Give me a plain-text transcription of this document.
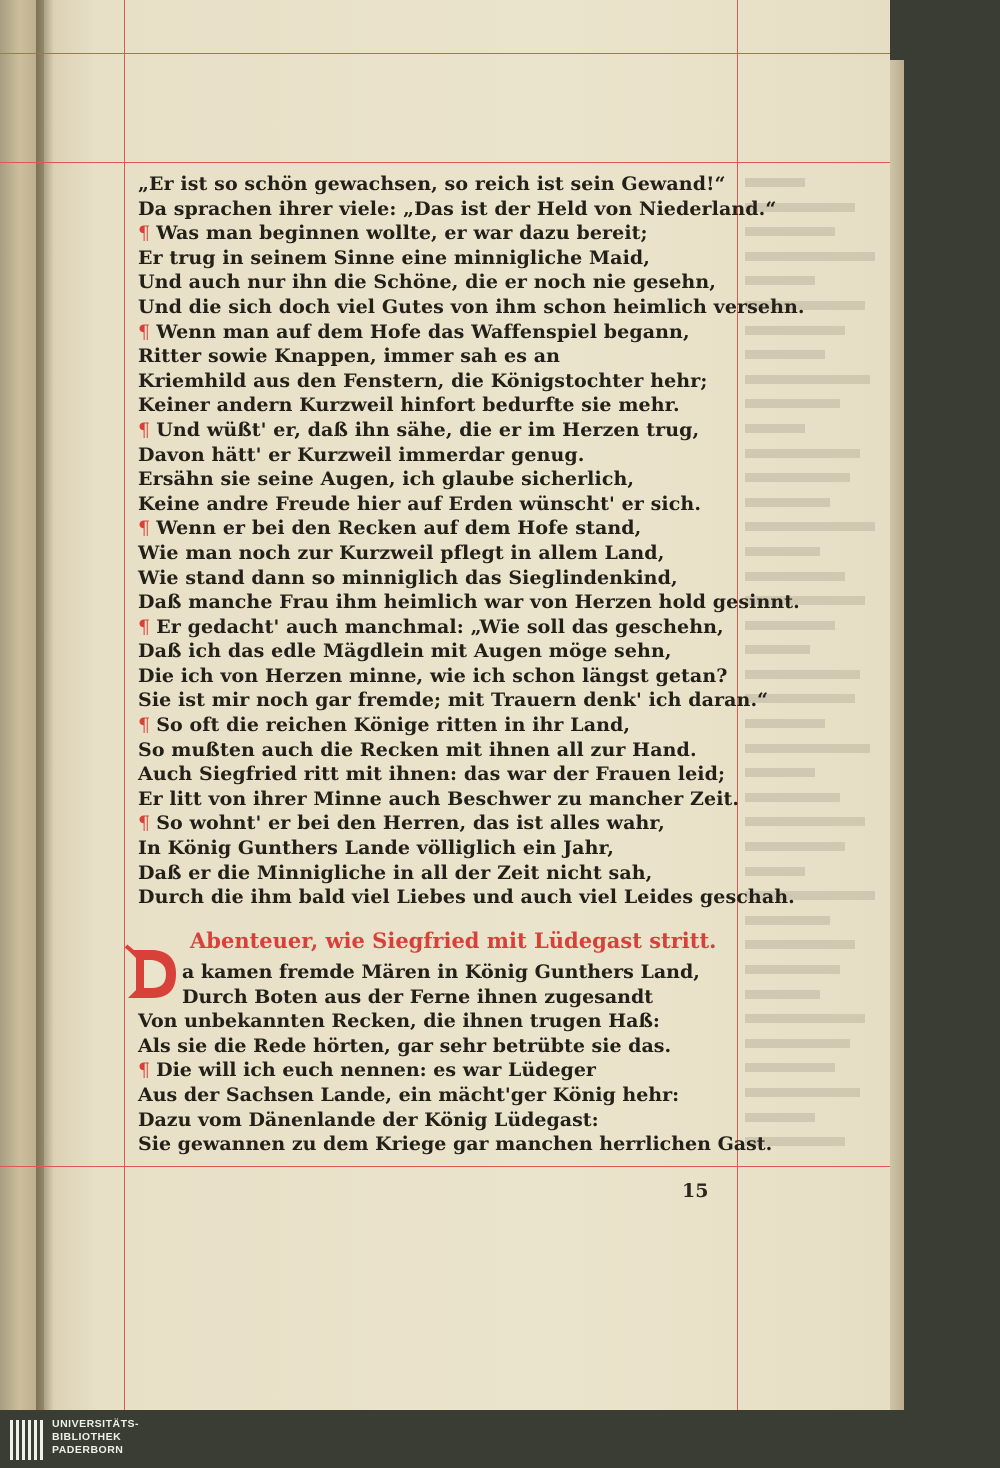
„Er ist so schön gewachsen, so reich ist sein Gewand!“
Da sprachen ihrer viele: „Das ist der Held von Niederland.“
¶ Was man beginnen wollte, er war dazu bereit;
Er trug in seinem Sinne eine minnigliche Maid,
Und auch nur ihn die Schöne, die er noch nie gesehn,
Und die sich doch viel Gutes von ihm schon heimlich versehn.
¶ Wenn man auf dem Hofe das Waffenspiel begann,
Ritter sowie Knappen, immer sah es an
Kriemhild aus den Fenstern, die Königstochter hehr;
Keiner andern Kurzweil hinfort bedurfte sie mehr.
¶ Und wüßt' er, daß ihn sähe, die er im Herzen trug,
Davon hätt' er Kurzweil immerdar genug.
Ersähn sie seine Augen, ich glaube sicherlich,
Keine andre Freude hier auf Erden wünscht' er sich.
¶ Wenn er bei den Recken auf dem Hofe stand,
Wie man noch zur Kurzweil pflegt in allem Land,
Wie stand dann so minniglich das Sieglindenkind,
Daß manche Frau ihm heimlich war von Herzen hold gesinnt.
¶ Er gedacht' auch manchmal: „Wie soll das geschehn,
Daß ich das edle Mägdlein mit Augen möge sehn,
Die ich von Herzen minne, wie ich schon längst getan?
Sie ist mir noch gar fremde; mit Trauern denk' ich daran.“
¶ So oft die reichen Könige ritten in ihr Land,
So mußten auch die Recken mit ihnen all zur Hand.
Auch Siegfried ritt mit ihnen: das war der Frauen leid;
Er litt von ihrer Minne auch Beschwer zu mancher Zeit.
¶ So wohnt' er bei den Herren, das ist alles wahr,
In König Gunthers Lande völliglich ein Jahr,
Daß er die Minnigliche in all der Zeit nicht sah,
Durch die ihm bald viel Liebes und auch viel Leides geschah.
Abenteuer, wie Siegfried mit Lüdegast stritt.
D
a kamen fremde Mären in König Gunthers Land,
Durch Boten aus der Ferne ihnen zugesandt
Von unbekannten Recken, die ihnen trugen Haß:
Als sie die Rede hörten, gar sehr betrübte sie das.
¶ Die will ich euch nennen: es war Lüdeger
Aus der Sachsen Lande, ein mächt'ger König hehr:
Dazu vom Dänenlande der König Lüdegast:
Sie gewannen zu dem Kriege gar manchen herrlichen Gast.
15
UNIVERSITÄTS-
BIBLIOTHEK
PADERBORN
